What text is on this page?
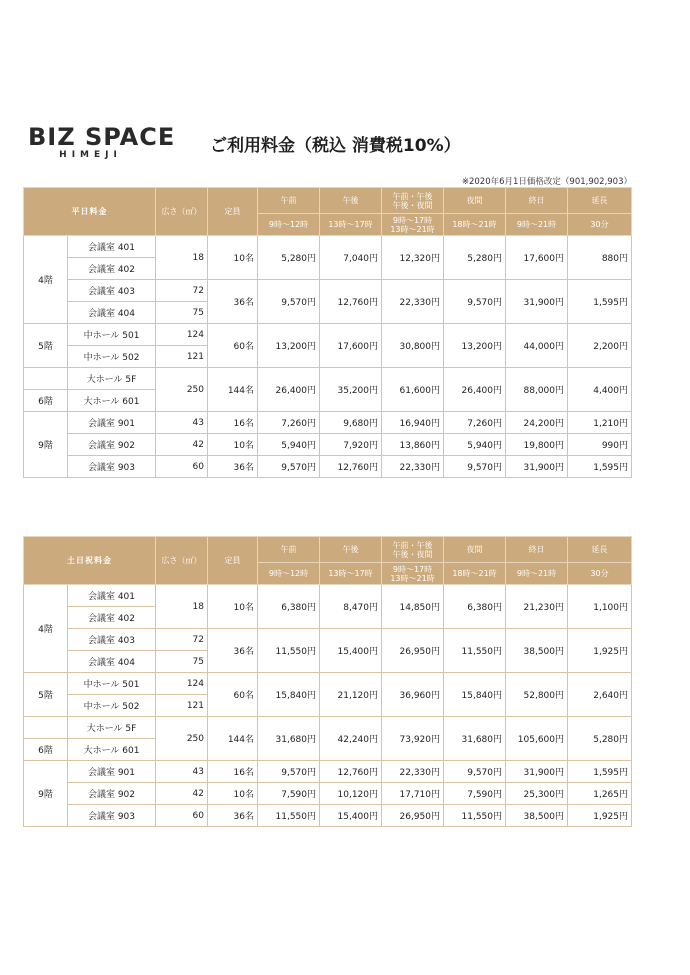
BIZ SPACE
HIMEJI	ご利用料金（税込 消費税10%）
※2020年6月1日価格改定（901,902,903）
平日料金		広さ（㎡）	定員	午前	午後	午前・午後
午後・夜間	夜間	終日	延長
				9時～12時	13時～17時	9時～17時
13時～21時	18時～21時	9時～21時	30分
4階	会議室 401	18	10名	5,280円	7,040円	12,320円	5,280円	17,600円	880円
	会議室 402								
	会議室 403	72	36名	9,570円	12,760円	22,330円	9,570円	31,900円	1,595円
	会議室 404	75							
5階	中ホール 501	124	60名	13,200円	17,600円	30,800円	13,200円	44,000円	2,200円
	中ホール 502	121							
	大ホール 5F	250	144名	26,400円	35,200円	61,600円	26,400円	88,000円	4,400円
6階	大ホール 601								
9階	会議室 901	43	16名	7,260円	9,680円	16,940円	7,260円	24,200円	1,210円
	会議室 902	42	10名	5,940円	7,920円	13,860円	5,940円	19,800円	990円
	会議室 903	60	36名	9,570円	12,760円	22,330円	9,570円	31,900円	1,595円
土日祝料金		広さ（㎡）	定員	午前	午後	午前・午後
午後・夜間	夜間	終日	延長
				9時～12時	13時～17時	9時～17時
13時～21時	18時～21時	9時～21時	30分
4階	会議室 401	18	10名	6,380円	8,470円	14,850円	6,380円	21,230円	1,100円
	会議室 402								
	会議室 403	72	36名	11,550円	15,400円	26,950円	11,550円	38,500円	1,925円
	会議室 404	75							
5階	中ホール 501	124	60名	15,840円	21,120円	36,960円	15,840円	52,800円	2,640円
	中ホール 502	121							
	大ホール 5F	250	144名	31,680円	42,240円	73,920円	31,680円	105,600円	5,280円
6階	大ホール 601								
9階	会議室 901	43	16名	9,570円	12,760円	22,330円	9,570円	31,900円	1,595円
	会議室 902	42	10名	7,590円	10,120円	17,710円	7,590円	25,300円	1,265円
	会議室 903	60	36名	11,550円	15,400円	26,950円	11,550円	38,500円	1,925円
